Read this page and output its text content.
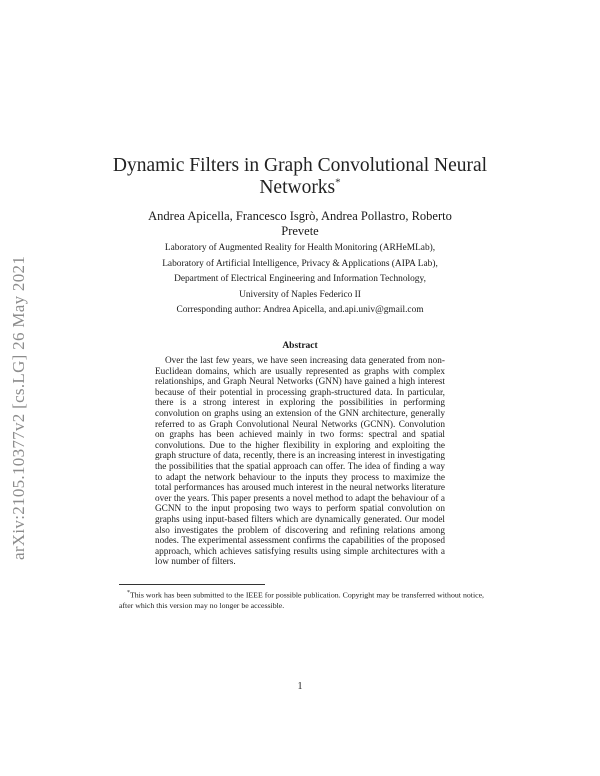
arXiv:2105.10377v2 [cs.LG] 26 May 2021
Dynamic Filters in Graph Convolutional Neural Networks*
Andrea Apicella, Francesco Isgrò, Andrea Pollastro, Roberto Prevete
Laboratory of Augmented Reality for Health Monitoring (ARHeMLab),
Laboratory of Artificial Intelligence, Privacy & Applications (AIPA Lab),
Department of Electrical Engineering and Information Technology,
University of Naples Federico II
Corresponding author: Andrea Apicella, and.api.univ@gmail.com
Abstract
Over the last few years, we have seen increasing data generated from non-Euclidean domains, which are usually represented as graphs with complex relationships, and Graph Neural Networks (GNN) have gained a high interest because of their potential in processing graph-structured data. In particular, there is a strong interest in exploring the possibilities in performing convolution on graphs using an extension of the GNN architecture, generally referred to as Graph Convolutional Neural Networks (GCNN). Convolution on graphs has been achieved mainly in two forms: spectral and spatial convolutions. Due to the higher flexibility in exploring and exploiting the graph structure of data, recently, there is an increasing interest in investigating the possibilities that the spatial approach can offer. The idea of finding a way to adapt the network behaviour to the inputs they process to maximize the total performances has aroused much interest in the neural networks literature over the years. This paper presents a novel method to adapt the behaviour of a GCNN to the input proposing two ways to perform spatial convolution on graphs using input-based filters which are dynamically generated. Our model also investigates the problem of discovering and refining relations among nodes. The experimental assessment confirms the capabilities of the proposed approach, which achieves satisfying results using simple architectures with a low number of filters.
*This work has been submitted to the IEEE for possible publication. Copyright may be transferred without notice, after which this version may no longer be accessible.
1
